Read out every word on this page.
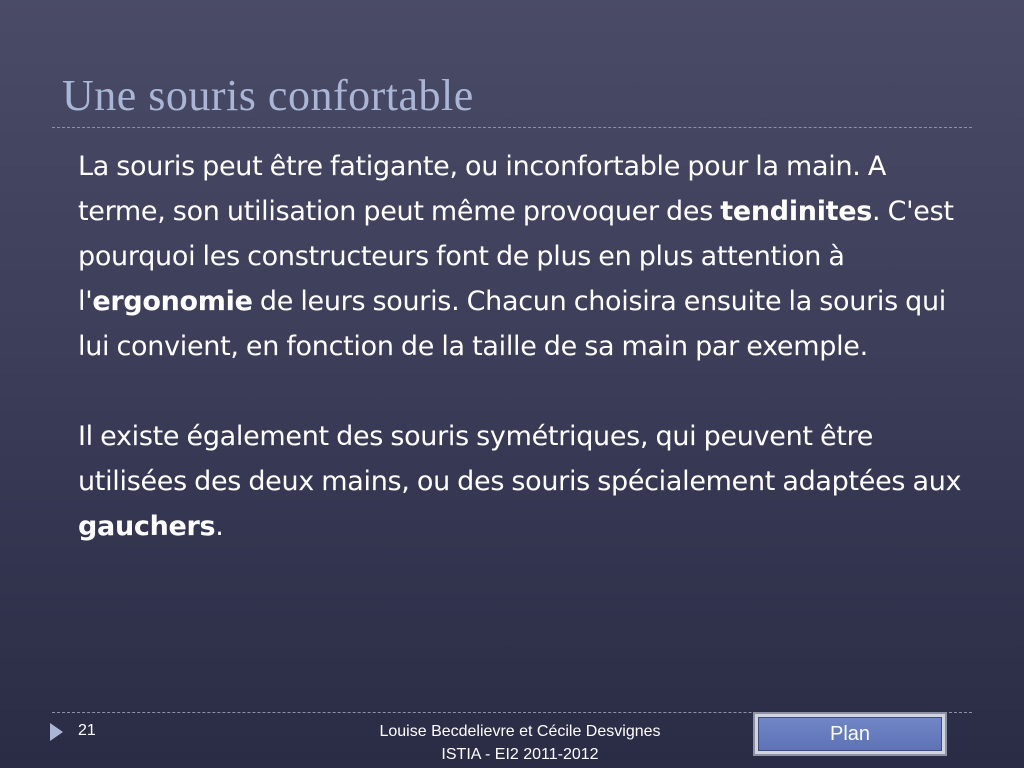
Une souris confortable

La souris peut être fatigante, ou inconfortable pour la main. A terme, son utilisation peut même provoquer des tendinites. C'est pourquoi les constructeurs font de plus en plus attention à l'ergonomie de leurs souris. Chacun choisira ensuite la souris qui lui convient, en fonction de la taille de sa main par exemple.

Il existe également des souris symétriques, qui peuvent être utilisées des deux mains, ou des souris spécialement adaptées aux gauchers.

21	Louise Becdelievre et Cécile Desvignes
ISTIA - EI2 2011-2012
Plan
